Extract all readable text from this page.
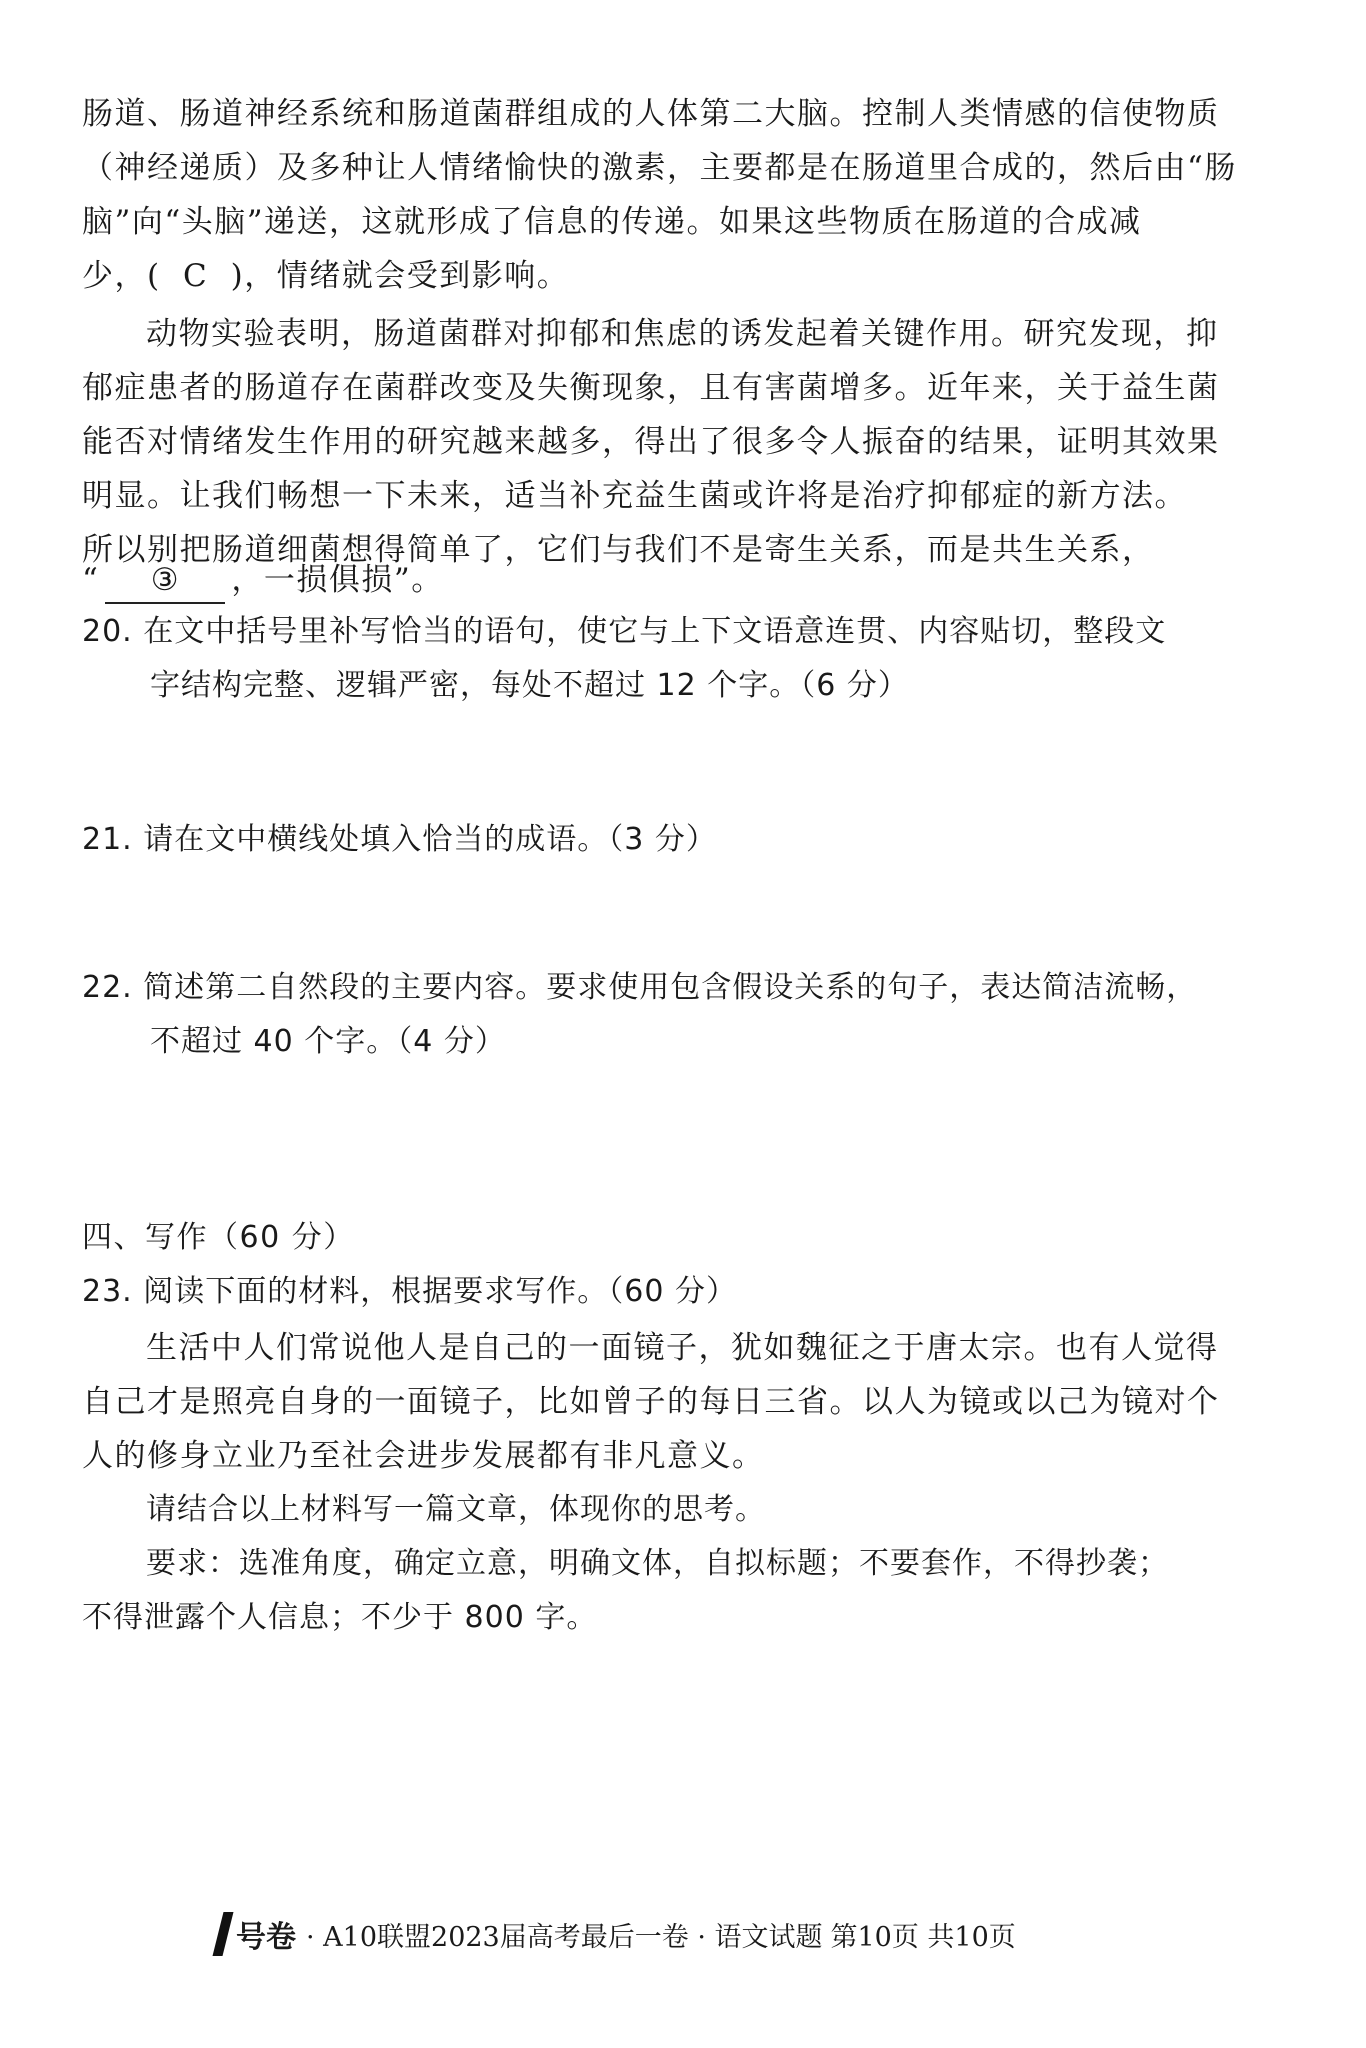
肠道、肠道神经系统和肠道菌群组成的人体第二大脑。控制人类情感的信使物质
（神经递质）及多种让人情绪愉快的激素，主要都是在肠道里合成的，然后由“肠
脑”向“头脑”递送，这就形成了信息的传递。如果这些物质在肠道的合成减
少，( C )，情绪就会受到影响。
动物实验表明，肠道菌群对抑郁和焦虑的诱发起着关键作用。研究发现，抑
郁症患者的肠道存在菌群改变及失衡现象，且有害菌增多。近年来，关于益生菌
能否对情绪发生作用的研究越来越多，得出了很多令人振奋的结果，证明其效果
明显。让我们畅想一下未来，适当补充益生菌或许将是治疗抑郁症的新方法。
所以别把肠道细菌想得简单了，它们与我们不是寄生关系，而是共生关系，
“ ③ ，一损俱损”。
20. 在文中括号里补写恰当的语句，使它与上下文语意连贯、内容贴切，整段文
字结构完整、逻辑严密，每处不超过 12 个字。（6 分）
21. 请在文中横线处填入恰当的成语。（3 分）
22. 简述第二自然段的主要内容。要求使用包含假设关系的句子，表达简洁流畅，
不超过 40 个字。（4 分）
四、写作（60 分）
23. 阅读下面的材料，根据要求写作。（60 分）
生活中人们常说他人是自己的一面镜子，犹如魏征之于唐太宗。也有人觉得
自己才是照亮自身的一面镜子，比如曾子的每日三省。以人为镜或以己为镜对个
人的修身立业乃至社会进步发展都有非凡意义。
请结合以上材料写一篇文章，体现你的思考。
要求：选准角度，确定立意，明确文体，自拟标题；不要套作，不得抄袭；
不得泄露个人信息；不少于 800 字。
号卷 · A10联盟2023届高考最后一卷 · 语文试题 第10页 共10页
